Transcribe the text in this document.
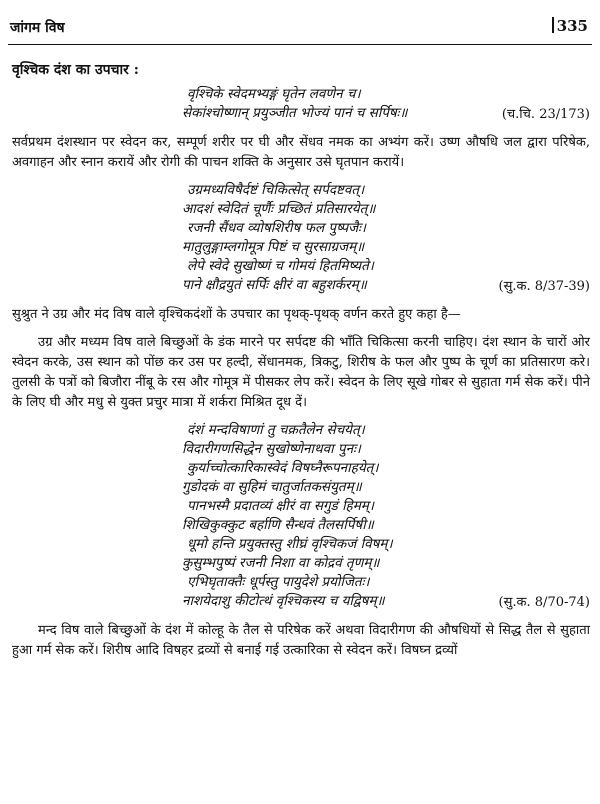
जांगम विष	335
वृश्चिक दंश का उपचार :
वृश्चिके स्वेदमभ्यङ्गं घृतेन लवणेन च।
सेकांश्चोष्णान् प्रयुञ्जीत भोज्यं पानं च सर्पिषः॥	(च.चि. 23/173)

सर्वप्रथम दंशस्थान पर स्वेदन कर, सम्पूर्ण शरीर पर घी और सेंधव नमक का अभ्यंग करें। उष्ण औषधि जल द्वारा परिषेक, अवगाहन और स्नान करायें और रोगी की पाचन शक्ति के अनुसार उसे घृतपान करायें।

उग्रमध्यविषैर्दष्टं चिकित्सेत् सर्पदष्टवत्।
आदशं स्वेदितं चूर्णैः प्रच्छितं प्रतिसारयेत्॥
रजनी सैंधव व्योषशिरीष फल पुष्पजैः।
मातुलुङ्गाम्लगोमूत्र पिष्टं च सुरसाग्रजम्॥
लेपे स्वेदे सुखोष्णं च गोमयं हितमिष्यते।
पाने क्षौद्रयुतं सर्पिः क्षीरं वा बहुशर्करम्॥	(सु.क. 8/37-39)

सुश्रुत ने उग्र और मंद विष वाले वृश्चिकदंशों के उपचार का पृथक्-पृथक् वर्णन करते हुए कहा है—

उग्र और मध्यम विष वाले बिच्छुओं के डंक मारने पर सर्पदष्ट की भाँति चिकित्सा करनी चाहिए। दंश स्थान के चारों ओर स्वेदन करके, उस स्थान को पोंछ कर उस पर हल्दी, सेंधानमक, त्रिकटु, शिरीष के फल और पुष्प के चूर्ण का प्रतिसारण करे। तुलसी के पत्रों को बिजौरा नींबू के रस और गोमूत्र में पीसकर लेप करें। स्वेदन के लिए सूखे गोबर से सुहाता गर्म सेक करें। पीने के लिए घी और मधु से युक्त प्रचुर मात्रा में शर्करा मिश्रित दूध दें।

दंशं मन्दविषाणां तु चक्रतैलेन सेचयेत्।
विदारीगणसिद्धेन सुखोष्णेनाथवा पुनः।
कुर्याच्चोत्कारिकास्वेदं विषघ्नैरूपनाहयेत्।
गुडोदकं वा सुहिमं चातुर्जातकसंयुतम्॥
पानभस्मै प्रदातव्यं क्षीरं वा सगुडं हिमम्।
शिखिकुक्कुट बर्हाणि सैन्धवं तैलसर्पिषी॥
धूमो हन्ति प्रयुक्तस्तु शीघ्रं वृश्चिकजं विषम्।
कुसुम्भपुष्पं रजनी निशा वा कोद्रवं तृणम्॥
एभिघृताक्तैः धूर्पस्तु पायुदेशे प्रयोजितः।
नाशयेदाशु कीटोत्थं वृश्चिकस्य च यद्विषम्॥	(सु.क. 8/70-74)

मन्द विष वाले बिच्छुओं के दंश में कोल्हू के तैल से परिषेक करें अथवा विदारीगण की औषधियों से सिद्ध तैल से सुहाता हुआ गर्म सेक करें। शिरीष आदि विषहर द्रव्यों से बनाई गई उत्कारिका से स्वेदन करें। विषघ्न द्रव्यों
